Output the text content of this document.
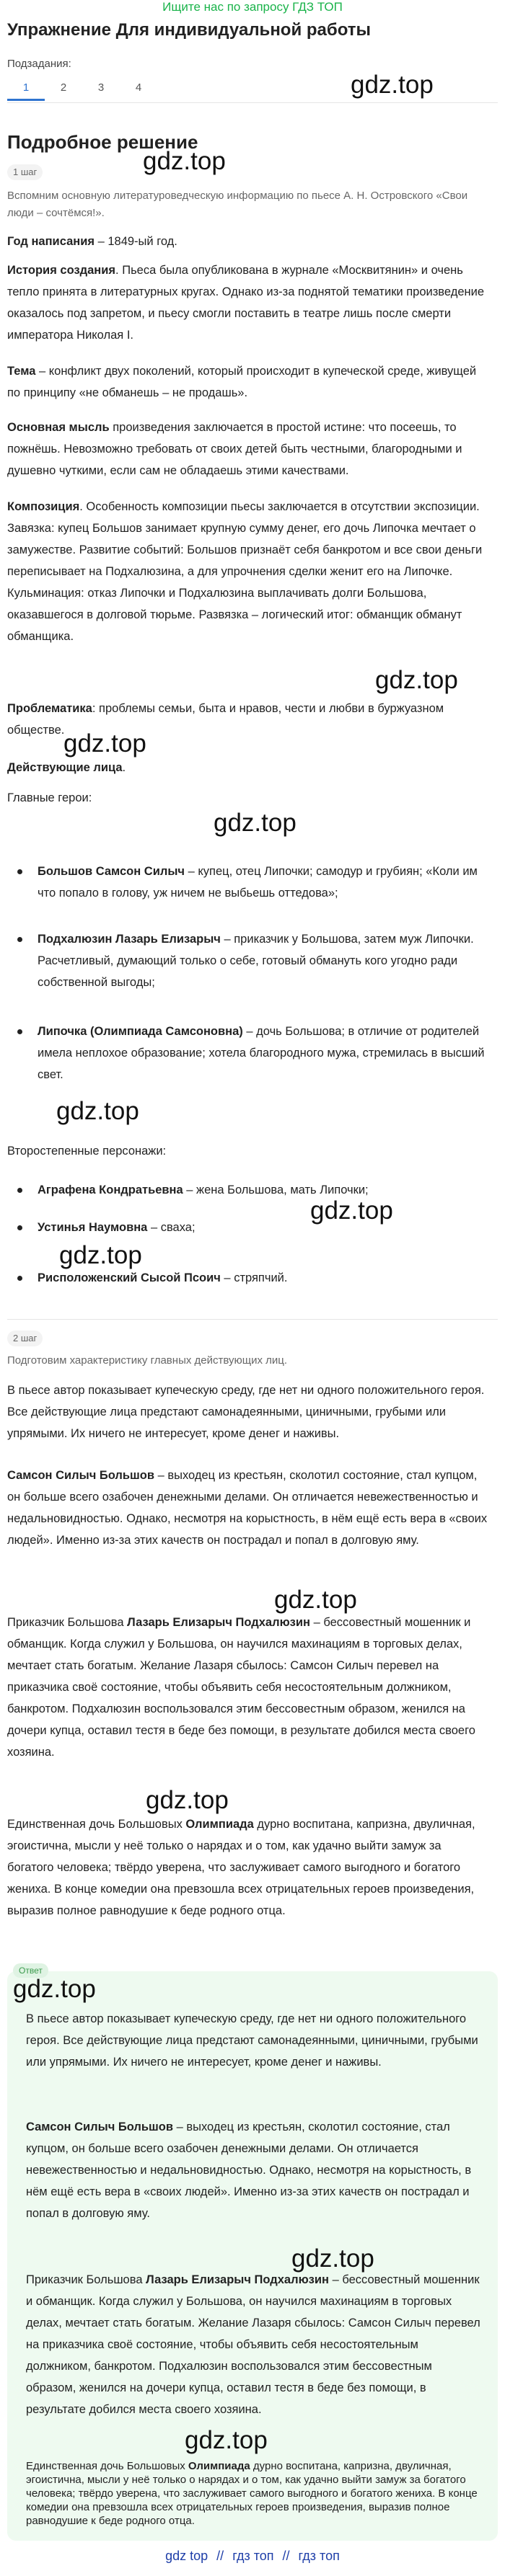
Ищите нас по запросу ГДЗ ТОП
Упражнение Для индивидуальной работы
gdz.top
Подзадания:
1	2	3	4
Подробное решение
1 шаг	gdz.top
Вспомним основную литературоведческую информацию по пьесе А. Н. Островского «Свои люди – сочтёмся!».
Год написания – 1849-ый год.
История создания. Пьеса была опубликована в журнале «Москвитянин» и очень тепло принята в литературных кругах. Однако из-за поднятой тематики произведение оказалось под запретом, и пьесу смогли поставить в театре лишь после смерти императора Николая I.
Тема – конфликт двух поколений, который происходит в купеческой среде, живущей по принципу «не обманешь – не продашь».
Основная мысль произведения заключается в простой истине: что посеешь, то пожнёшь. Невозможно требовать от своих детей быть честными, благородными и душевно чуткими, если сам не обладаешь этими качествами.
Композиция. Особенность композиции пьесы заключается в отсутствии экспозиции. Завязка: купец Большов занимает крупную сумму денег, его дочь Липочка мечтает о замужестве. Развитие событий: Большов признаёт себя банкротом и все свои деньги переписывает на Подхалюзина, а для упрочнения сделки женит его на Липочке. Кульминация: отказ Липочки и Подхалюзина выплачивать долги Большова, оказавшегося в долговой тюрьме. Развязка – логический итог: обманщик обманут обманщика.
gdz.top
Проблематика: проблемы семьи, быта и нравов, чести и любви в буржуазном обществе.
gdz.top
Действующие лица.
Главные герои:
gdz.top
Большов Самсон Силыч – купец, отец Липочки; самодур и грубиян; «Коли им что попало в голову, уж ничем не выбьешь оттедова»;
Подхалюзин Лазарь Елизарыч – приказчик у Большова, затем муж Липочки. Расчетливый, думающий только о себе, готовый обмануть кого угодно ради собственной выгоды;
Липочка (Олимпиада Самсоновна) – дочь Большова; в отличие от родителей имела неплохое образование; хотела благородного мужа, стремилась в высший свет.
gdz.top
Второстепенные персонажи:
Аграфена Кондратьевна – жена Большова, мать Липочки;
gdz.top
Устинья Наумовна – сваха;
gdz.top
Рисположенский Сысой Псоич – стряпчий.
2 шаг
Подготовим характеристику главных действующих лиц.
В пьесе автор показывает купеческую среду, где нет ни одного положительного героя. Все действующие лица предстают самонадеянными, циничными, грубыми или упрямыми. Их ничего не интересует, кроме денег и наживы.
Самсон Силыч Большов – выходец из крестьян, сколотил состояние, стал купцом, он больше всего озабочен денежными делами. Он отличается невежественностью и недальновидностью. Однако, несмотря на корыстность, в нём ещё есть вера в «своих людей». Именно из-за этих качеств он пострадал и попал в долговую яму.
gdz.top
Приказчик Большова Лазарь Елизарыч Подхалюзин – бессовестный мошенник и обманщик. Когда служил у Большова, он научился махинациям в торговых делах, мечтает стать богатым. Желание Лазаря сбылось: Самсон Силыч перевел на приказчика своё состояние, чтобы объявить себя несостоятельным должником, банкротом. Подхалюзин воспользовался этим бессовестным образом, женился на дочери купца, оставил тестя в беде без помощи, в результате добился места своего хозяина.
gdz.top
Единственная дочь Большовых Олимпиада дурно воспитана, капризна, двуличная, эгоистична, мысли у неё только о нарядах и о том, как удачно выйти замуж за богатого человека; твёрдо уверена, что заслуживает самого выгодного и богатого жениха. В конце комедии она превзошла всех отрицательных героев произведения, выразив полное равнодушие к беде родного отца.
Ответ
gdz.top
В пьесе автор показывает купеческую среду, где нет ни одного положительного героя. Все действующие лица предстают самонадеянными, циничными, грубыми или упрямыми. Их ничего не интересует, кроме денег и наживы.
Самсон Силыч Большов – выходец из крестьян, сколотил состояние, стал купцом, он больше всего озабочен денежными делами. Он отличается невежественностью и недальновидностью. Однако, несмотря на корыстность, в нём ещё есть вера в «своих людей». Именно из-за этих качеств он пострадал и попал в долговую яму.
gdz.top
Приказчик Большова Лазарь Елизарыч Подхалюзин – бессовестный мошенник и обманщик. Когда служил у Большова, он научился махинациям в торговых делах, мечтает стать богатым. Желание Лазаря сбылось: Самсон Силыч перевел на приказчика своё состояние, чтобы объявить себя несостоятельным должником, банкротом. Подхалюзин воспользовался этим бессовестным образом, женился на дочери купца, оставил тестя в беде без помощи, в результате добился места своего хозяина.
gdz.top
Единственная дочь Большовых Олимпиада дурно воспитана, капризна, двуличная, эгоистична, мысли у неё только о нарядах и о том, как удачно выйти замуж за богатого человека; твёрдо уверена, что заслуживает самого выгодного и богатого жениха. В конце комедии она превзошла всех отрицательных героев произведения, выразив полное равнодушие к беде родного отца.
gdz top // гдз топ // гдз топ
